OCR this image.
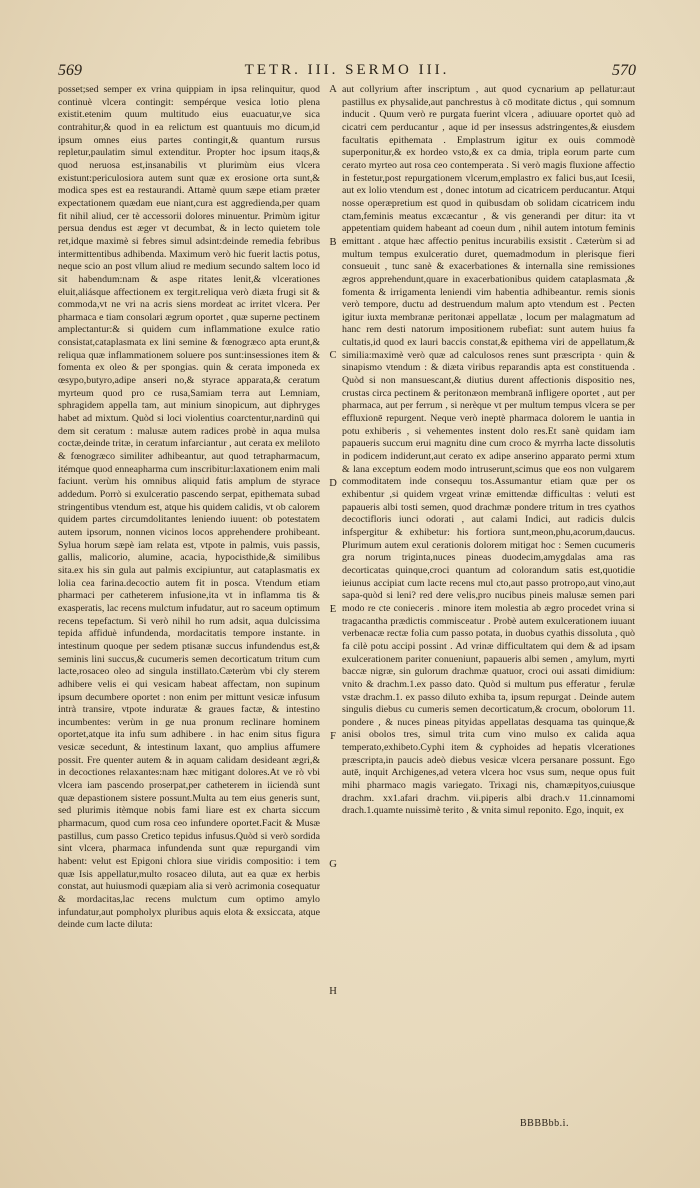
569	TETR. III. SERMO III.	570

posset;sed semper ex vrina quippiam in ipsa relinquitur, quod continuè vlcera contingit: sempérque vesica lotio plena existit.etenim quum multitudo eius euacuatur,ve sica contrahitur,& quod in ea relictum est quantuuis mo dicum,id ipsum omnes eius partes contingit,& quantum rursus repletur,paulatim simul extenditur. Propter hoc ipsum itaqs,& quod neruosa est,insanabilis vt plurimùm eius vlcera existunt:periculosiora autem sunt quæ ex erosione orta sunt,& modica spes est ea restaurandi. Attamè quum sæpe etiam præter expectationem quædam eue niant,cura est aggredienda,per quam fit nihil aliud, cer tè accessorii dolores minuentur. Primùm igitur persua dendus est æger vt decumbat, & in lecto quietem tole ret,idque maximè si febres simul adsint:deinde remedia febribus intermittentibus adhibenda. Maximum verò hic fuerit lactis potus, neque scio an post vllum aliud re medium secundo saltem loco id sit habendum:nam & aspe ritates lenit,& vlcerationes eluit,aliásque affectionem ex tergit.reliqua verò diæta frugi sit & commoda,vt ne vri na acris siens mordeat ac irritet vlcera. Per pharmaca e tiam consolari ægrum oportet , quæ superne pectinem amplectantur:& si quidem cum inflammatione exulce ratio consistat,cataplasmata ex lini semine & fœnogræco apta erunt,& reliqua quæ inflammationem soluere pos sunt:insessiones item & fomenta ex oleo & per spongias. quin & cerata imponeda ex œsypo,butyro,adipe anseri no,& styrace apparata,& ceratum myrteum quod pro ce rusa,Samiam terra aut Lemniam, sphragidem appella tam, aut minium sinopicum, aut diphryges habet ad mixtum. Quòd si loci violentius coarctentur,nardinū qui dem sit ceratum : malusæ autem radices probè in aqua mulsa coctæ,deinde tritæ, in ceratum infarciantur , aut cerata ex meliloto & fœnogræco similiter adhibeantur, aut quod tetrapharmacum, itémque quod enneapharma cum inscribitur:laxationem enim mali faciunt. verùm his omnibus aliquid fatis amplum de styrace addedum. Porrò si exulceratio pascendo serpat, epithemata subad stringentibus vtendum est, atque his quidem calidis, vt ob calorem quidem partes circumdolitantes leniendo iuuent: ob potestatem autem ipsorum, nonnen vicinos locos apprehendere prohibeant. Sylua horum sæpè iam relata est, vtpote in palmis, vuis passis, gallis, malicorio, alumine, acacia, hypocisthide,& similibus sita.ex his sin gula aut palmis excipiuntur, aut cataplasmatis ex lolia cea farina.decoctio autem fit in posca. Vtendum etiam pharmaci per catheterem infusione,ita vt in inflamma tis & exasperatis, lac recens mulctum infudatur, aut ro saceum optimum recens tepefactum. Si verò nihil ho rum adsit, aqua dulcissima tepida affiduè infundenda, mordacitatis tempore instante. in intestinum quoque per sedem ptisanæ succus infundendus est,& seminis lini succus,& cucumeris semen decorticatum tritum cum lacte,rosaceo oleo ad singula instillato.Cæterùm vbi cly sterem adhibere velis ei qui vesicam habeat affectam, non supinum ipsum decumbere oportet : non enim per mittunt vesicæ infusum intrà transire, vtpote induratæ & graues factæ, & intestino incumbentes: verùm in ge nua pronum reclinare hominem oportet,atque ita infu sum adhibere . in hac enim situs figura vesicæ secedunt, & intestinum laxant, quo amplius affumere possit. Fre quenter autem & in aquam calidam desideant ægri,& in decoctiones relaxantes:nam hæc mitigant dolores.At ve rò vbi vlcera iam pascendo proserpat,per catheterem in iiciendà sunt quæ depastionem sistere possunt.Multa au tem eius generis sunt, sed plurimis itèmque nobis fami liare est ex charta siccum pharmacum, quod cum rosa ceo infundere oportet.Facit & Musæ pastillus, cum passo Cretico tepidus infusus.Quòd si verò sordida sint vlcera, pharmaca infundenda sunt quæ repurgandi vim habent: velut est Epigoni chlora siue viridis compositio: i tem quæ Isis appellatur,multo rosaceo diluta, aut ea quæ ex herbis constat, aut huiusmodi quæpiam alia si verò acrimonia cosequatur & mordacitas,lac recens mulctum cum optimo amylo infundatur,aut pompholyx pluribus aquis elota & exsiccata, atque deinde cum lacte diluta:

A
B
C
D
E
F
G
H

aut collyrium after inscriptum , aut quod cycnarium ap pellatur:aut pastillus ex physalide,aut panchrestus à cō moditate dictus , qui somnum inducit . Quum verò re purgata fuerint vlcera , adiuuare oportet quò ad cicatri cem perducantur , aque id per insessus adstringentes,& eiusdem facultatis epithemata . Emplastrum igitur ex ouis commodè superponitur,& ex hordeo vsto,& ex ca dmia, tripla eorum parte cum cerato myrteo aut rosa ceo contemperata . Si verò magis fluxione affectio in festetur,post repurgationem vlcerum,emplastro ex falici bus,aut Icesii, aut ex lolio vtendum est , donec intotum ad cicatricem perducantur. Atqui nosse operæpretium est quod in quibusdam ob solidam cicatricem indu ctam,feminis meatus excæcantur , & vis generandi per ditur: ita vt appetentiam quidem habeant ad coeun dum , nihil autem intotum feminis emittant . atque hæc affectio penitus incurabilis exsistit . Cæterùm si ad multum tempus exulceratio duret, quemadmodum in plerisque fieri consueuit , tunc sanè & exacerbationes & internalla sine remissiones ægros apprehendunt,quare in exacerbationibus quidem cataplasmata ,& fomenta & irrigamenta leniendi vim habentia adhibeantur. remis sionis verò tempore, ductu ad destruendum malum apto vtendum est . Pecten igitur iuxta membranæ peritonæi appellatæ , locum per malagmatum ad hanc rem desti natorum impositionem rubefiat: sunt autem huius fa cultatis,id quod ex lauri baccis constat,& epithema viri de appellatum,& similia:maximè verò quæ ad calculosos renes sunt præscripta · quin & sinapismo vtendum : & diæta viribus reparandis apta est constituenda . Quòd si non mansuescant,& diutius durent affectionis dispositio nes, crustas circa pectinem & peritonæon membranā infligere oportet , aut per pharmaca, aut per ferrum , si nerèque vt per multum tempus vlcera se per effluxionē repurgent. Neque verò ineptè pharmaca dolorem le uantia in potu exhiberis , si vehementes instent dolo res.Et sanè quidam iam papaueris succum erui magnitu dine cum croco & myrrha lacte dissolutis in podicem indiderunt,aut cerato ex adipe anserino apparato permi xtum & lana exceptum eodem modo intruserunt,scimus que eos non vulgarem commoditatem inde consequu tos.Assumantur etiam quæ per os exhibentur ,si quidem vrgeat vrinæ emittendæ difficultas : veluti est papaueris albi tosti semen, quod drachmæ pondere tritum in tres cyathos decoctifloris iunci odorati , aut calami Indici, aut radicis dulcis infspergitur & exhibetur: his fortiora sunt,meon,phu,acorum,daucus. Plurimum autem exul cerationis dolorem mitigat hoc : Semen cucumeris gra norum triginta,nuces pineas duodecim,amygdalas ama ras decorticatas quinque,croci quantum ad colorandum satis est,quotidie ieiunus accipiat cum lacte recens mul cto,aut passo protropo,aut vino,aut sapa-quòd si leni? red dere velis,pro nucibus pineis malusæ semen pari modo re cte conieceris . minore item molestia ab ægro procedet vrina si tragacantha prædictis commisceatur . Probè autem exulcerationem iuuant verbenacæ rectæ folia cum passo potata, in duobus cyathis dissoluta , quò fa cilè potu accipi possint . Ad vrinæ difficultatem qui dem & ad ipsam exulcerationem pariter conueniunt, papaueris albi semen , amylum, myrti baccæ nigræ, sin gulorum drachmæ quatuor, croci oui assati dimidium: vnito & drachm.1.ex passo dato. Quòd si multum pus efferatur , ferulæ vstæ drachm.1. ex passo diluto exhiba ta, ipsum repurgat . Deinde autem singulis diebus cu cumeris semen decorticatum,& crocum, obolorum 11. pondere , & nuces pineas pityidas appellatas desquama tas quinque,& anisi obolos tres, simul trita cum vino mulso ex calida aqua temperato,exhibeto.Cyphi item & cyphoides ad hepatis vlcerationes præscripta,in paucis adeò diebus vesicæ vlcera persanare possunt. Ego autē, inquit Archigenes,ad vetera vlcera hoc vsus sum, neque opus fuit mihi pharmaco magis variegato. Trixagi nis, chamæpityos,cuiusque drachm. xx1.afari drachm. vii.piperis albi drach.v 11.cinnamomi drach.1.quamte nuissimè terito , & vnita simul reponito. Ego, inquit, ex

BBBBbb.i.
